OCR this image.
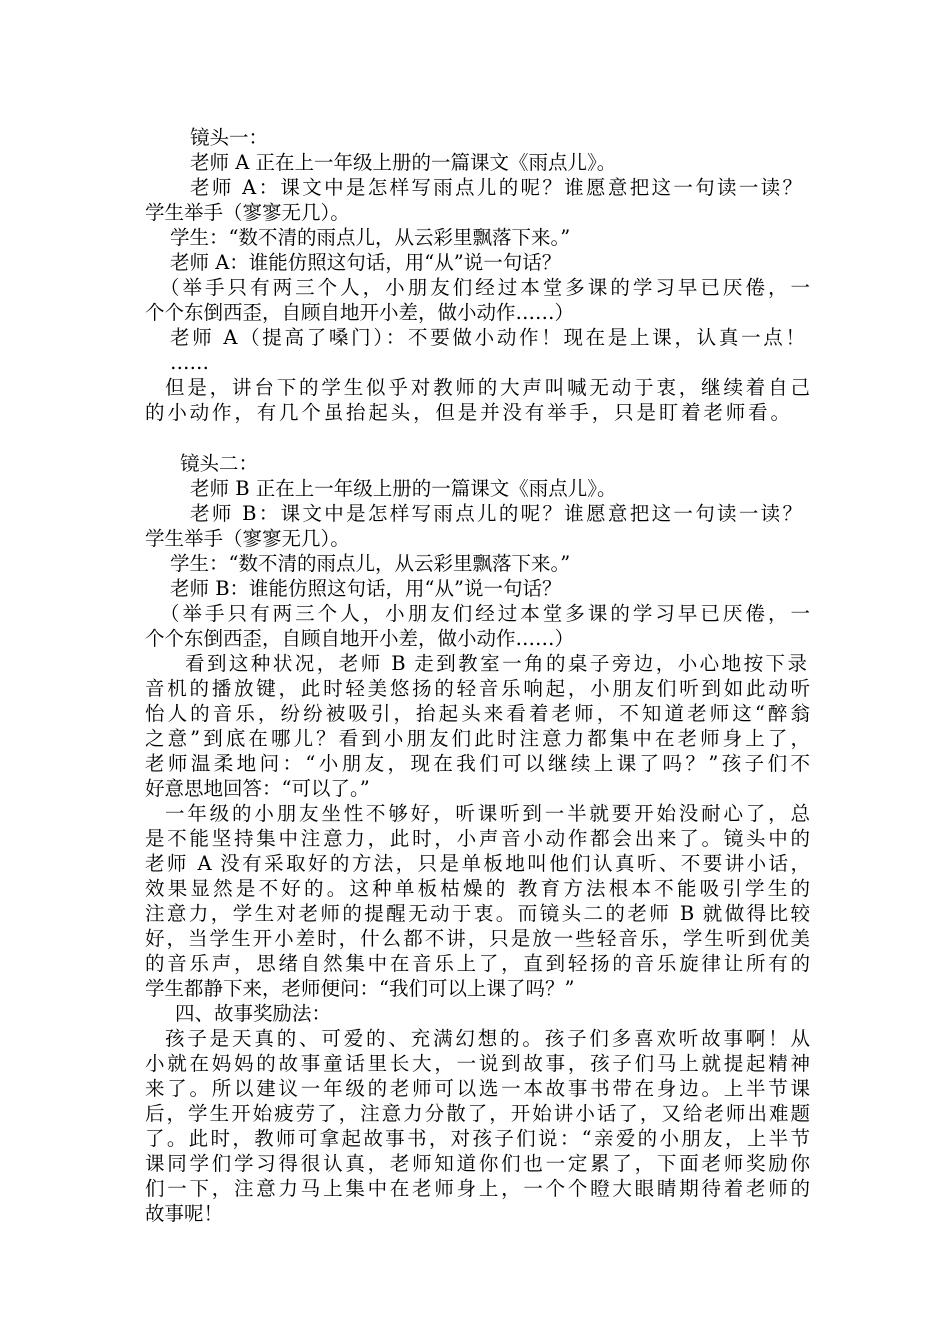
镜头一：

老师 A 正在上一年级上册的一篇课文《雨点儿》。

老师 A：课文中是怎样写雨点儿的呢？谁愿意把这一句读一读？

学生举手（寥寥无几）。

学生：“数不清的雨点儿，从云彩里飘落下来。”

老师 A：谁能仿照这句话，用“从”说一句话？

（举手只有两三个人，小朋友们经过本堂多课的学习早已厌倦，一

个个东倒西歪，自顾自地开小差，做小动作……）

老师 A（提高了嗓门）：不要做小动作！现在是上课，认真一点！

……

但是，讲台下的学生似乎对教师的大声叫喊无动于衷，继续着自己

的小动作，有几个虽抬起头，但是并没有举手，只是盯着老师看。

镜头二：

老师 B 正在上一年级上册的一篇课文《雨点儿》。

老师 B：课文中是怎样写雨点儿的呢？谁愿意把这一句读一读？

学生举手（寥寥无几）。

学生：“数不清的雨点儿，从云彩里飘落下来。”

老师 B：谁能仿照这句话，用“从”说一句话？

（举手只有两三个人，小朋友们经过本堂多课的学习早已厌倦，一

个个东倒西歪，自顾自地开小差，做小动作……）

看到这种状况，老师 B 走到教室一角的桌子旁边，小心地按下录

音机的播放键，此时轻美悠扬的轻音乐响起，小朋友们听到如此动听

怡人的音乐，纷纷被吸引，抬起头来看着老师，不知道老师这“醉翁

之意”到底在哪儿？看到小朋友们此时注意力都集中在老师身上了，

老师温柔地问：“小朋友，现在我们可以继续上课了吗？”孩子们不

好意思地回答：“可以了。”

一年级的小朋友坐性不够好，听课听到一半就要开始没耐心了，总

是不能坚持集中注意力，此时，小声音小动作都会出来了。镜头中的

老师 A 没有采取好的方法，只是单板地叫他们认真听、不要讲小话，

效果显然是不好的。这种单板枯燥的 教育方法根本不能吸引学生的

注意力，学生对老师的提醒无动于衷。而镜头二的老师 B 就做得比较

好，当学生开小差时，什么都不讲，只是放一些轻音乐，学生听到优美

的音乐声，思绪自然集中在音乐上了，直到轻扬的音乐旋律让所有的

学生都静下来，老师便问：“我们可以上课了吗？”

四、故事奖励法：

孩子是天真的、可爱的、充满幻想的。孩子们多喜欢听故事啊！从

小就在妈妈的故事童话里长大，一说到故事，孩子们马上就提起精神

来了。所以建议一年级的老师可以选一本故事书带在身边。上半节课

后，学生开始疲劳了，注意力分散了，开始讲小话了，又给老师出难题

了。此时，教师可拿起故事书，对孩子们说：“亲爱的小朋友，上半节

课同学们学习得很认真，老师知道你们也一定累了，下面老师奖励你

们一下，注意力马上集中在老师身上，一个个瞪大眼睛期待着老师的

故事呢！
